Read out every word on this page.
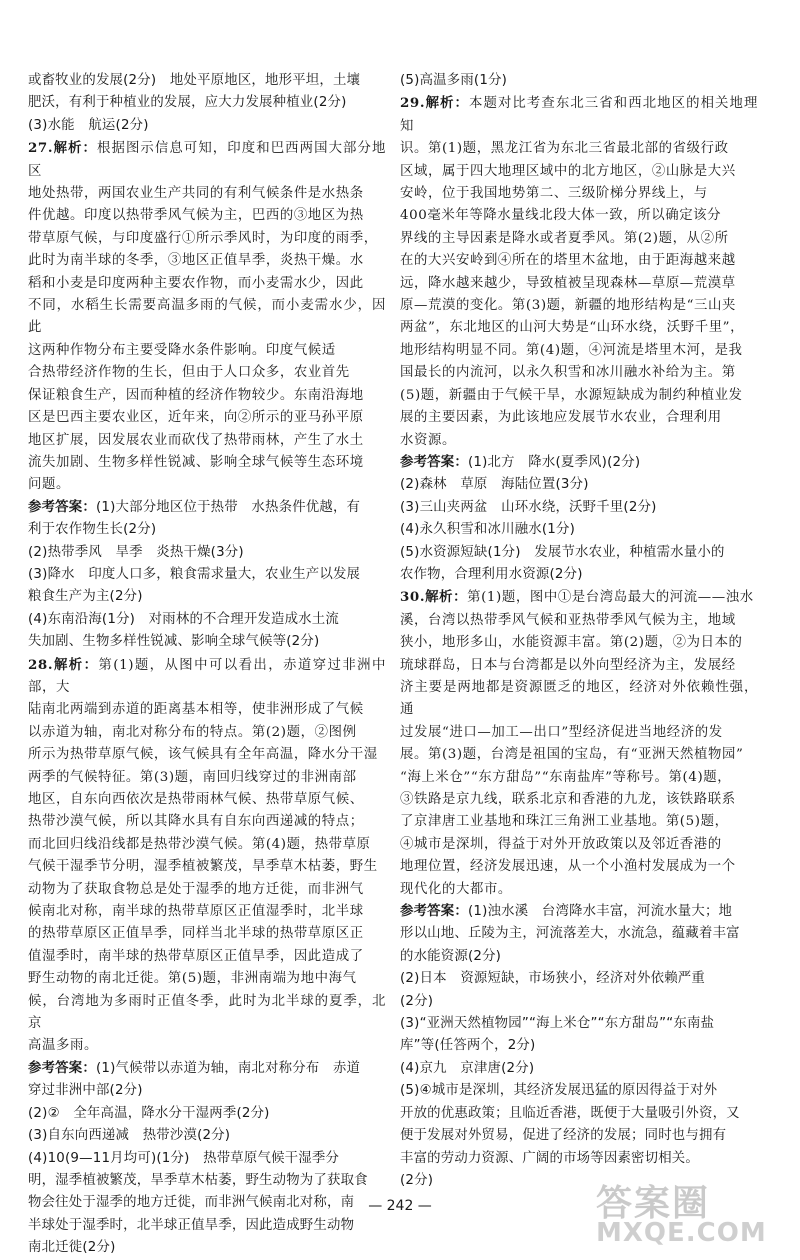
或畜牧业的发展(2分)　地处平原地区，地形平坦，土壤

肥沃，有利于种植业的发展，应大力发展种植业(2分)

(3)水能　航运(2分)

27.解析：根据图示信息可知，印度和巴西两国大部分地区

地处热带，两国农业生产共同的有利气候条件是水热条

件优越。印度以热带季风气候为主，巴西的③地区为热

带草原气候，与印度盛行①所示季风时，为印度的雨季，

此时为南半球的冬季，③地区正值旱季，炎热干燥。水

稻和小麦是印度两种主要农作物，而小麦需水少，因此

不同，水稻生长需要高温多雨的气候，而小麦需水少，因此

这两种作物分布主要受降水条件影响。印度气候适

合热带经济作物的生长，但由于人口众多，农业首先

保证粮食生产，因而种植的经济作物较少。东南沿海地

区是巴西主要农业区，近年来，向②所示的亚马孙平原

地区扩展，因发展农业而砍伐了热带雨林，产生了水土

流失加剧、生物多样性锐减、影响全球气候等生态环境

问题。

参考答案：(1)大部分地区位于热带　水热条件优越，有

利于农作物生长(2分)

(2)热带季风　旱季　炎热干燥(3分)

(3)降水　印度人口多，粮食需求量大，农业生产以发展

粮食生产为主(2分)

(4)东南沿海(1分)　对雨林的不合理开发造成水土流

失加剧、生物多样性锐减、影响全球气候等(2分)

28.解析：第(1)题，从图中可以看出，赤道穿过非洲中部，大

陆南北两端到赤道的距离基本相等，使非洲形成了气候

以赤道为轴，南北对称分布的特点。第(2)题，②图例

所示为热带草原气候，该气候具有全年高温，降水分干湿

两季的气候特征。第(3)题，南回归线穿过的非洲南部

地区，自东向西依次是热带雨林气候、热带草原气候、

热带沙漠气候，所以其降水具有自东向西递减的特点；

而北回归线沿线都是热带沙漠气候。第(4)题，热带草原

气候干湿季节分明，湿季植被繁茂，旱季草木枯萎，野生

动物为了获取食物总是处于湿季的地方迁徙，而非洲气

候南北对称，南半球的热带草原区正值湿季时，北半球

的热带草原区正值旱季，同样当北半球的热带草原区正

值湿季时，南半球的热带草原区正值旱季，因此造成了

野生动物的南北迁徙。第(5)题，非洲南端为地中海气

候，台湾地为多雨时正值冬季，此时为北半球的夏季，北京

高温多雨。

参考答案：(1)气候带以赤道为轴，南北对称分布　赤道

穿过非洲中部(2分)

(2)②　全年高温，降水分干湿两季(2分)

(3)自东向西递减　热带沙漠(2分)

(4)10(9—11月均可)(1分)　热带草原气候干湿季分

明，湿季植被繁茂，旱季草木枯萎，野生动物为了获取食

物会往处于湿季的地方迁徙，而非洲气候南北对称，南

半球处于湿季时，北半球正值旱季，因此造成野生动物

南北迁徙(2分)

(5)高温多雨(1分)

29.解析：本题对比考查东北三省和西北地区的相关地理知

识。第(1)题，黑龙江省为东北三省最北部的省级行政

区域，属于四大地理区域中的北方地区，②山脉是大兴

安岭，位于我国地势第二、三级阶梯分界线上，与

400毫米年等降水量线北段大体一致，所以确定该分

界线的主导因素是降水或者夏季风。第(2)题，从②所

在的大兴安岭到④所在的塔里木盆地，由于距海越来越

远，降水越来越少，导致植被呈现森林—草原—荒漠草

原—荒漠的变化。第(3)题，新疆的地形结构是“三山夹

两盆”，东北地区的山河大势是“山环水绕，沃野千里”，

地形结构明显不同。第(4)题，④河流是塔里木河，是我

国最长的内流河，以永久积雪和冰川融水补给为主。第

(5)题，新疆由于气候干旱，水源短缺成为制约种植业发

展的主要因素，为此该地应发展节水农业，合理利用

水资源。

参考答案：(1)北方　降水(夏季风)(2分)

(2)森林　草原　海陆位置(3分)

(3)三山夹两盆　山环水绕，沃野千里(2分)

(4)永久积雪和冰川融水(1分)

(5)水资源短缺(1分)　发展节水农业，种植需水量小的

农作物，合理利用水资源(2分)

30.解析：第(1)题，图中①是台湾岛最大的河流——浊水

溪，台湾以热带季风气候和亚热带季风气候为主，地域

狭小，地形多山，水能资源丰富。第(2)题，②为日本的

琉球群岛，日本与台湾都是以外向型经济为主，发展经

济主要是两地都是资源匮乏的地区，经济对外依赖性强，通

过发展“进口—加工—出口”型经济促进当地经济的发

展。第(3)题，台湾是祖国的宝岛，有“亚洲天然植物园”

“海上米仓”“东方甜岛”“东南盐库”等称号。第(4)题，

③铁路是京九线，联系北京和香港的九龙，该铁路联系

了京津唐工业基地和珠江三角洲工业基地。第(5)题，

④城市是深圳，得益于对外开放政策以及邻近香港的

地理位置，经济发展迅速，从一个小渔村发展成为一个

现代化的大都市。

参考答案：(1)浊水溪　台湾降水丰富，河流水量大；地

形以山地、丘陵为主，河流落差大，水流急，蕴藏着丰富

的水能资源(2分)

(2)日本　资源短缺，市场狭小，经济对外依赖严重

(2分)

(3)“亚洲天然植物园”“海上米仓”“东方甜岛”“东南盐

库”等(任答两个，2分)

(4)京九　京津唐(2分)

(5)④城市是深圳，其经济发展迅猛的原因得益于对外

开放的优惠政策；且临近香港，既便于大量吸引外资，又

便于发展对外贸易，促进了经济的发展；同时也与拥有

丰富的劳动力资源、广阔的市场等因素密切相关。

(2分)

— 242 —	答案圈
MXQE.COM
